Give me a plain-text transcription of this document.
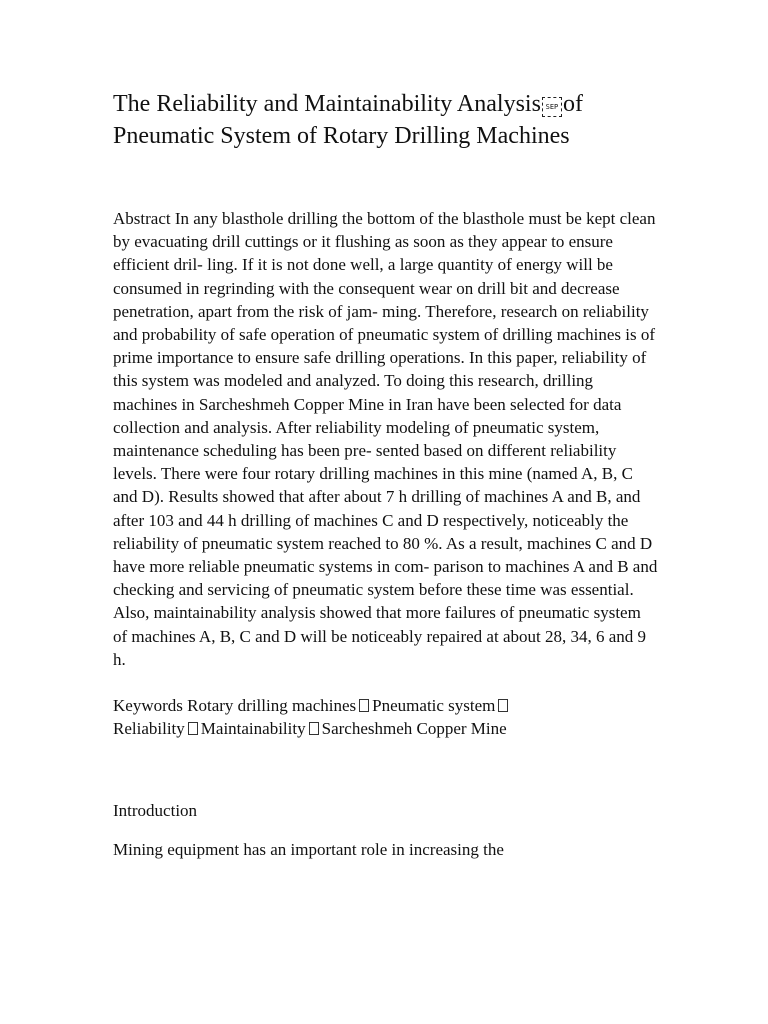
The Reliability and Maintainability Analysis SEP of
Pneumatic System of Rotary Drilling Machines

Abstract In any blasthole drilling the bottom of the blasthole must be kept clean by evacuating drill cuttings or it flushing as soon as they appear to ensure efficient dril- ling. If it is not done well, a large quantity of energy will be consumed in regrinding with the consequent wear on drill bit and decrease penetration, apart from the risk of jam- ming. Therefore, research on reliability and probability of safe operation of pneumatic system of drilling machines is of prime importance to ensure safe drilling operations. In this paper, reliability of this system was modeled and analyzed. To doing this research, drilling machines in Sarcheshmeh Copper Mine in Iran have been selected for data collection and analysis. After reliability modeling of pneumatic system, maintenance scheduling has been pre- sented based on different reliability levels. There were four rotary drilling machines in this mine (named A, B, C and D). Results showed that after about 7 h drilling of machines A and B, and after 103 and 44 h drilling of machines C and D respectively, noticeably the reliability of pneumatic system reached to 80 %. As a result, machines C and D have more reliable pneumatic systems in com- parison to machines A and B and checking and servicing of pneumatic system before these time was essential. Also, maintainability analysis showed that more failures of pneumatic system of machines A, B, C and D will be noticeably repaired at about 28, 34, 6 and 9 h.

Keywords Rotary drilling machines Pneumatic system
Reliability Maintainability Sarcheshmeh Copper Mine

Introduction

Mining equipment has an important role in increasing the
